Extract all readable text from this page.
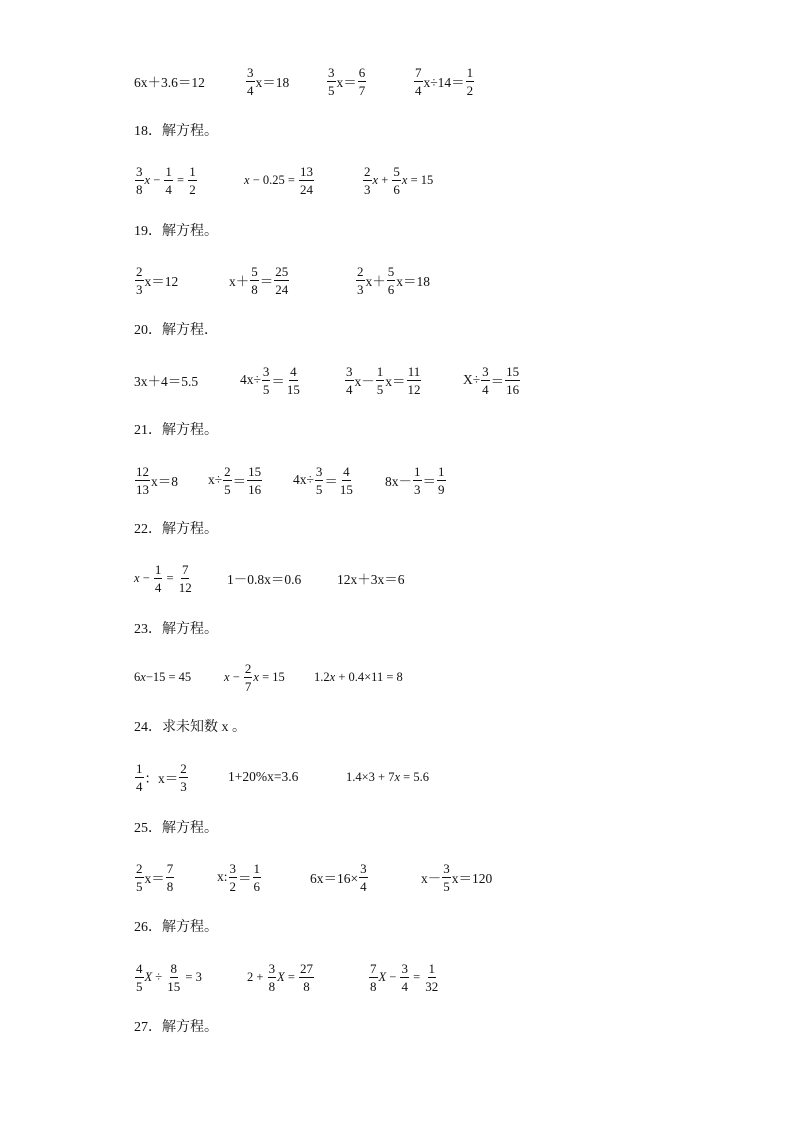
6x＋3.6＝12	$\frac{3}{4} x=18$	$\frac{3}{5} x= \frac{6}{7}$	$\frac{7}{4} x\div 14= \frac{1}{2}$
18．解方程。
$\frac{3}{8}$ $x - \frac{1}{4} = \frac{1}{2}$	$x - 0.25 = \frac{13}{24}$	$\frac{2}{3}$ $x + \frac{5}{6}$ x = 15
19．解方程。
$\frac{2}{3} x=12$	$x+ \frac{5}{8} = \frac{25}{24}$	$\frac{2}{3} x+ \frac{5}{6} x=18$
20．解方程．
3x＋4＝5.5	$4x\div \frac{3}{5} = \frac{4}{15}$	$\frac{3}{4} x- \frac{1}{5} x= \frac{11}{12}$	$X\div \frac{3}{4} = \frac{15}{16}$
21．解方程。
$\frac{12}{13} x=8$ $x\div \frac{2}{5} = \frac{15}{16} 4x\div \frac{3}{5} = \frac{4}{15} 8x- \frac{1}{3} = \frac{1}{9}$
22．解方程。
$x - \frac{1}{4} = \frac{7}{12}$	1－0.8x＝0.6	12x＋3x＝6
23．解方程。
6 x −15 = 45	$x - \frac{2}{7}$ x = 15 1.2 x + 0.4×11 = 8
24．求未知数 x 。
$\frac{1}{4}$ ：$x= \frac{2}{3}$	1+20%x=3.6	1.4×3 + 7 x = 5.6
25．解方程。
$\frac{2}{5} x= \frac{7}{8}$	x: $\frac{3}{2} = \frac{1}{6}$	$6x=16\times \frac{3}{4}$	$x- \frac{3}{5} x=120$
26．解方程。
$\frac{4}{5}$ $X \div \frac{8}{15} = 3$	$2 + \frac{3}{8}$ $X = \frac{27}{8}$	$\frac{7}{8}$ $X - \frac{3}{4} = \frac{1}{32}$
27．解方程。
